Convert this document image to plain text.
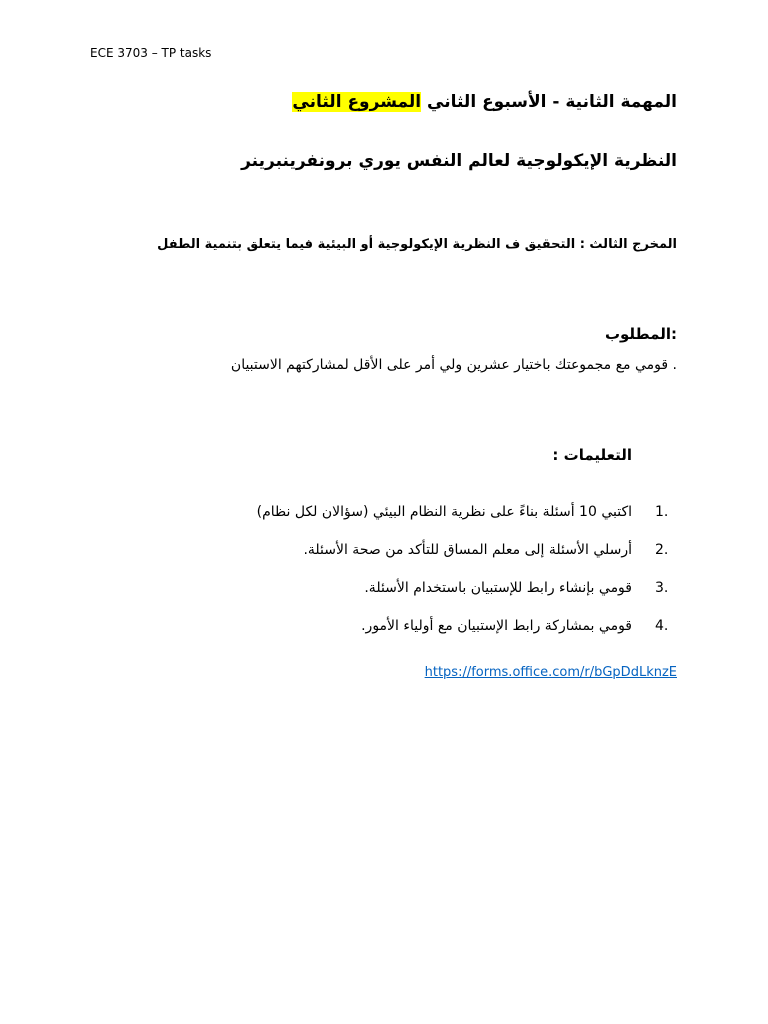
ECE 3703 – TP tasks
المهمة الثانية - الأسبوع الثاني المشروع الثاني
النظرية الإيكولوجية لعالم النفس يوري برونفرينبرينر
المخرج الثالث : التحقيق ف النظرية الإيكولوجية أو البيئية فيما يتعلق بتنمية الطفل
:المطلوب
. قومي مع مجموعتك باختيار عشرين ولي أمر على الأقل لمشاركتهم الاستبيان
التعليمات :
1.
اكتبي 10 أسئلة بناءً على نظرية النظام البيئي (سؤالان لكل نظام)
2.
أرسلي الأسئلة إلى معلم المساق للتأكد من صحة الأسئلة.
3.
قومي بإنشاء رابط للإستبيان باستخدام الأسئلة.
4.
قومي بمشاركة رابط الإستبيان مع أولياء الأمور.
https://forms.office.com/r/bGpDdLknzE
